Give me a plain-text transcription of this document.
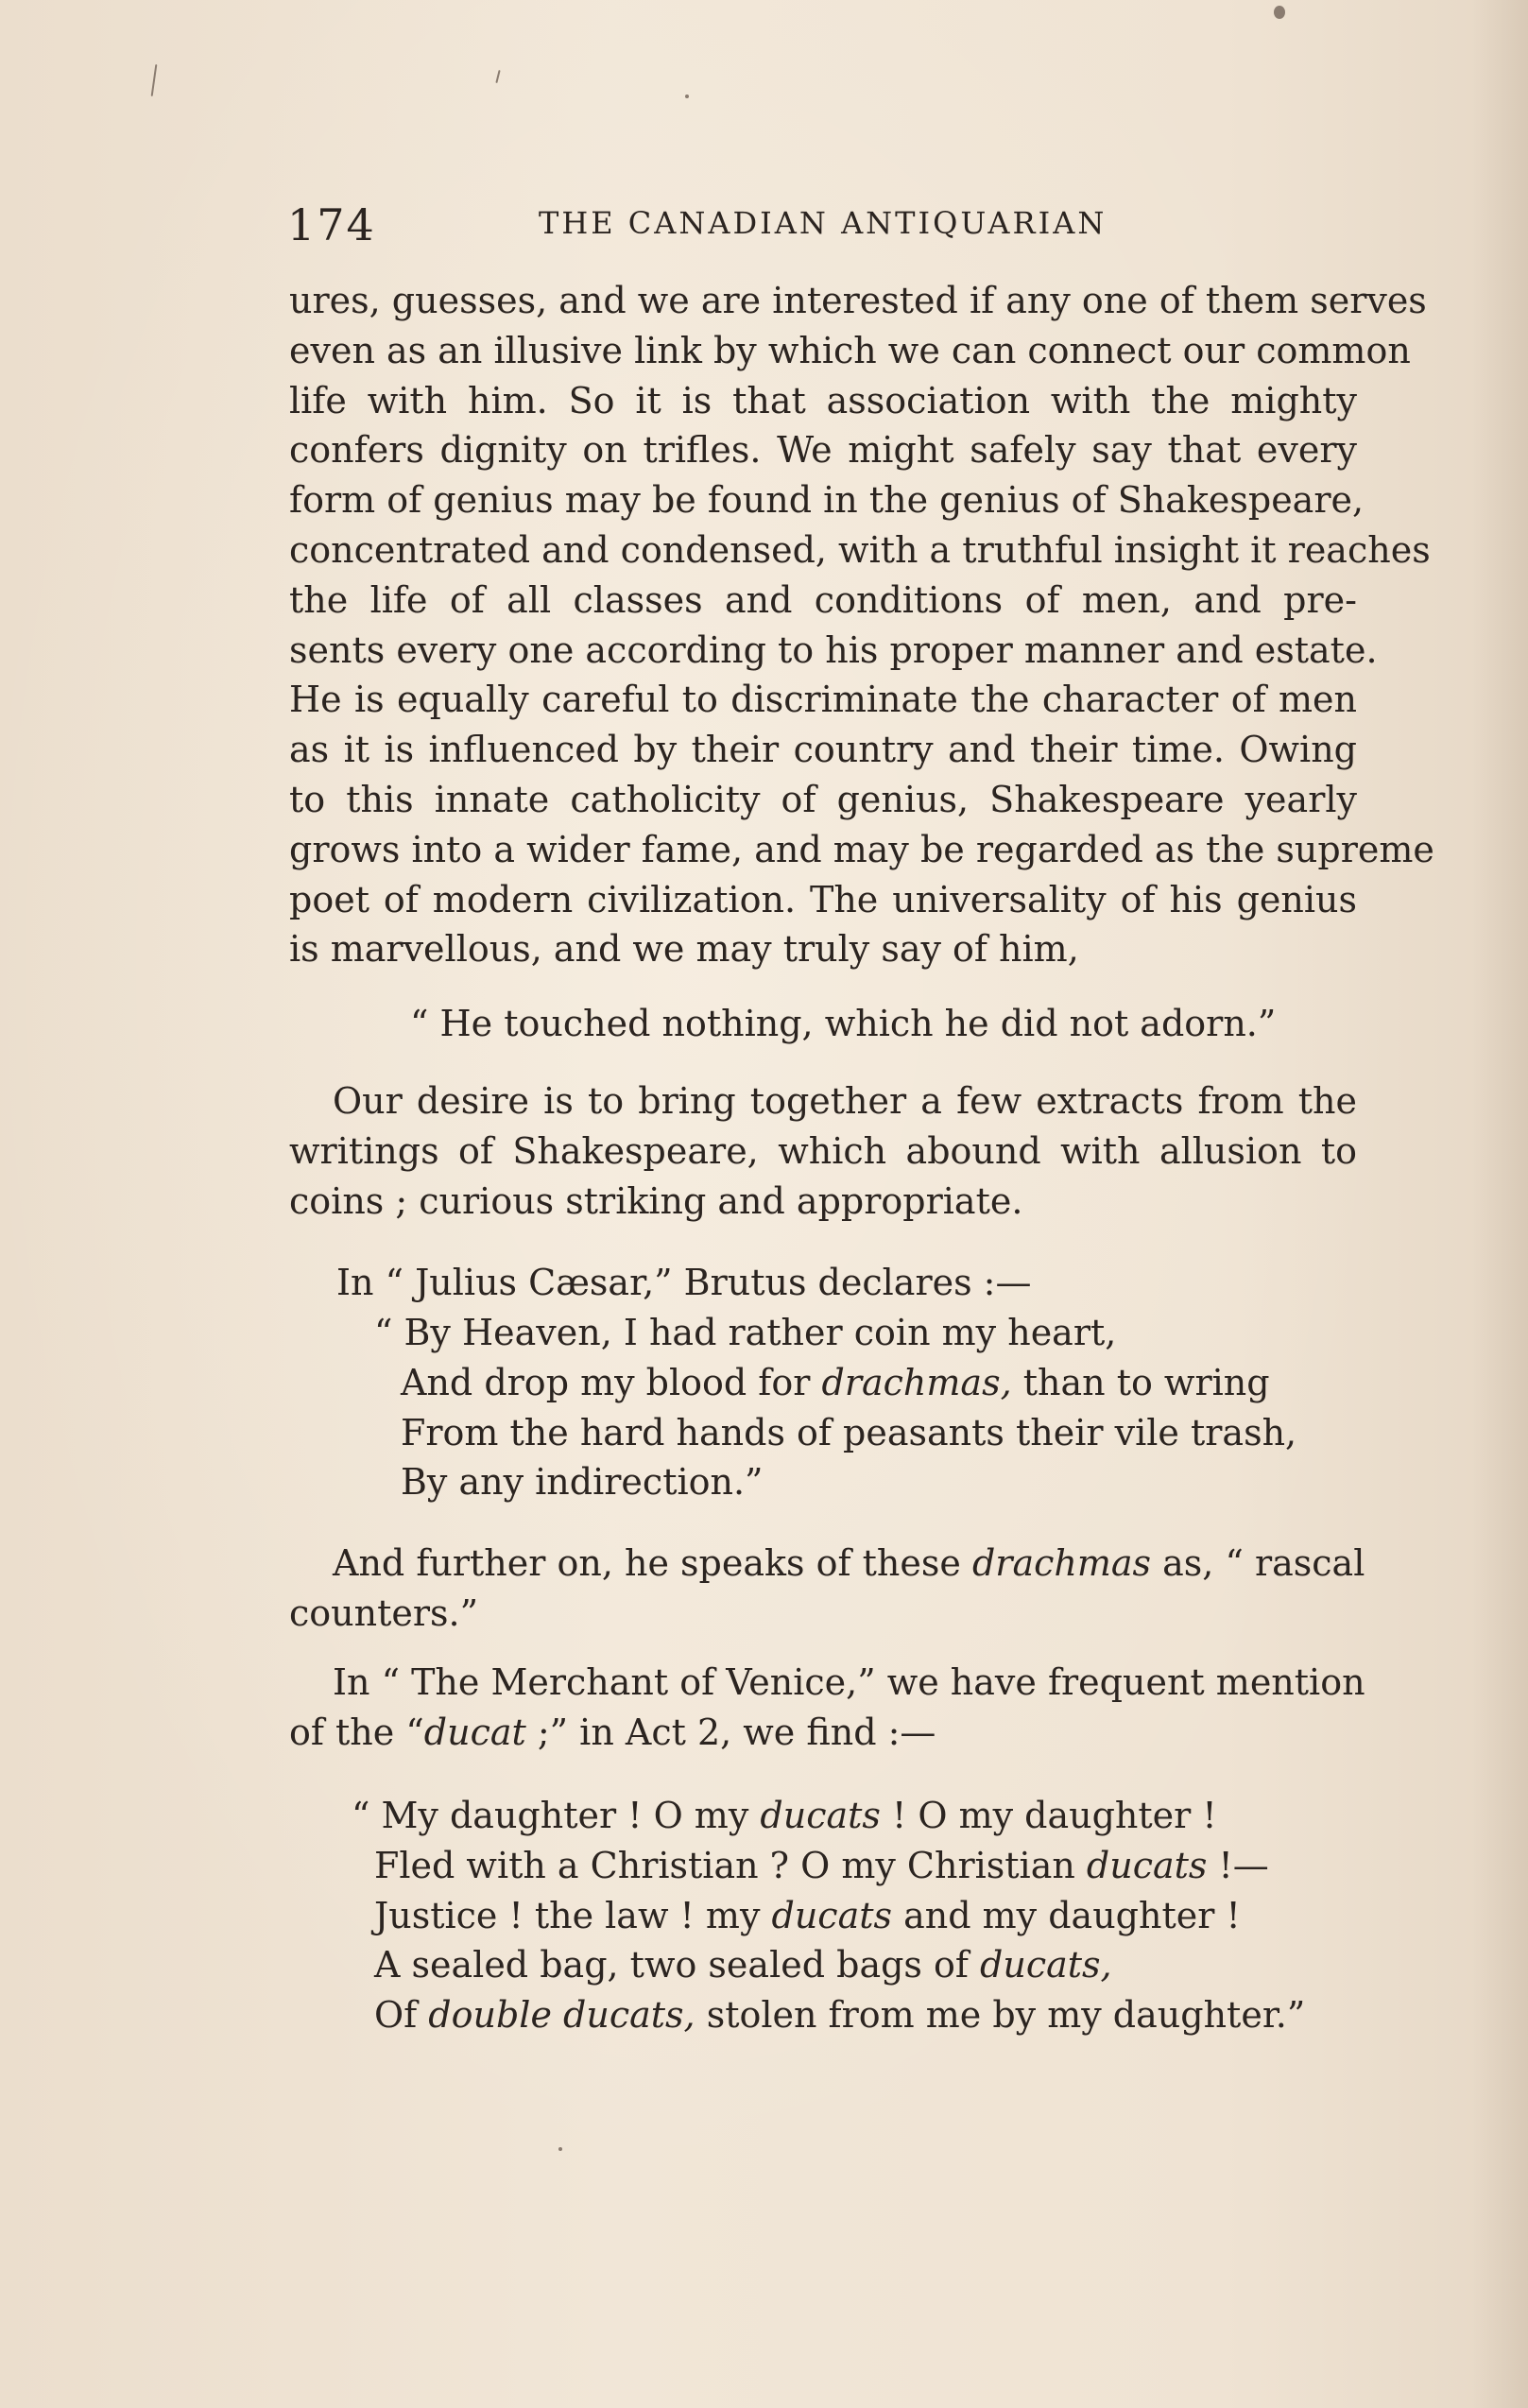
174	THE CANADIAN ANTIQUARIAN
ures, guesses, and we are interested if any one of them serves
even as an illusive link by which we can connect our common
life with him. So it is that association with the mighty
confers dignity on trifles. We might safely say that every
form of genius may be found in the genius of Shakespeare,
concentrated and condensed, with a truthful insight it reaches
the life of all classes and conditions of men, and pre-
sents every one according to his proper manner and estate.
He is equally careful to discriminate the character of men
as it is influenced by their country and their time. Owing
to this innate catholicity of genius, Shakespeare yearly
grows into a wider fame, and may be regarded as the supreme
poet of modern civilization. The universality of his genius
is marvellous, and we may truly say of him,
“ He touched nothing, which he did not adorn.”
Our desire is to bring together a few extracts from the
writings of Shakespeare, which abound with allusion to
coins ; curious striking and appropriate.
In “ Julius Cæsar,” Brutus declares :—
“ By Heaven, I had rather coin my heart,
And drop my blood for drachmas, than to wring
From the hard hands of peasants their vile trash,
By any indirection.”
And further on, he speaks of these drachmas as, “ rascal
counters.”
In “ The Merchant of Venice,” we have frequent mention
of the “ducat ;” in Act 2, we find :—
“ My daughter ! O my ducats ! O my daughter !
Fled with a Christian ? O my Christian ducats !—
Justice ! the law ! my ducats and my daughter !
A sealed bag, two sealed bags of ducats,
Of double ducats, stolen from me by my daughter.”
